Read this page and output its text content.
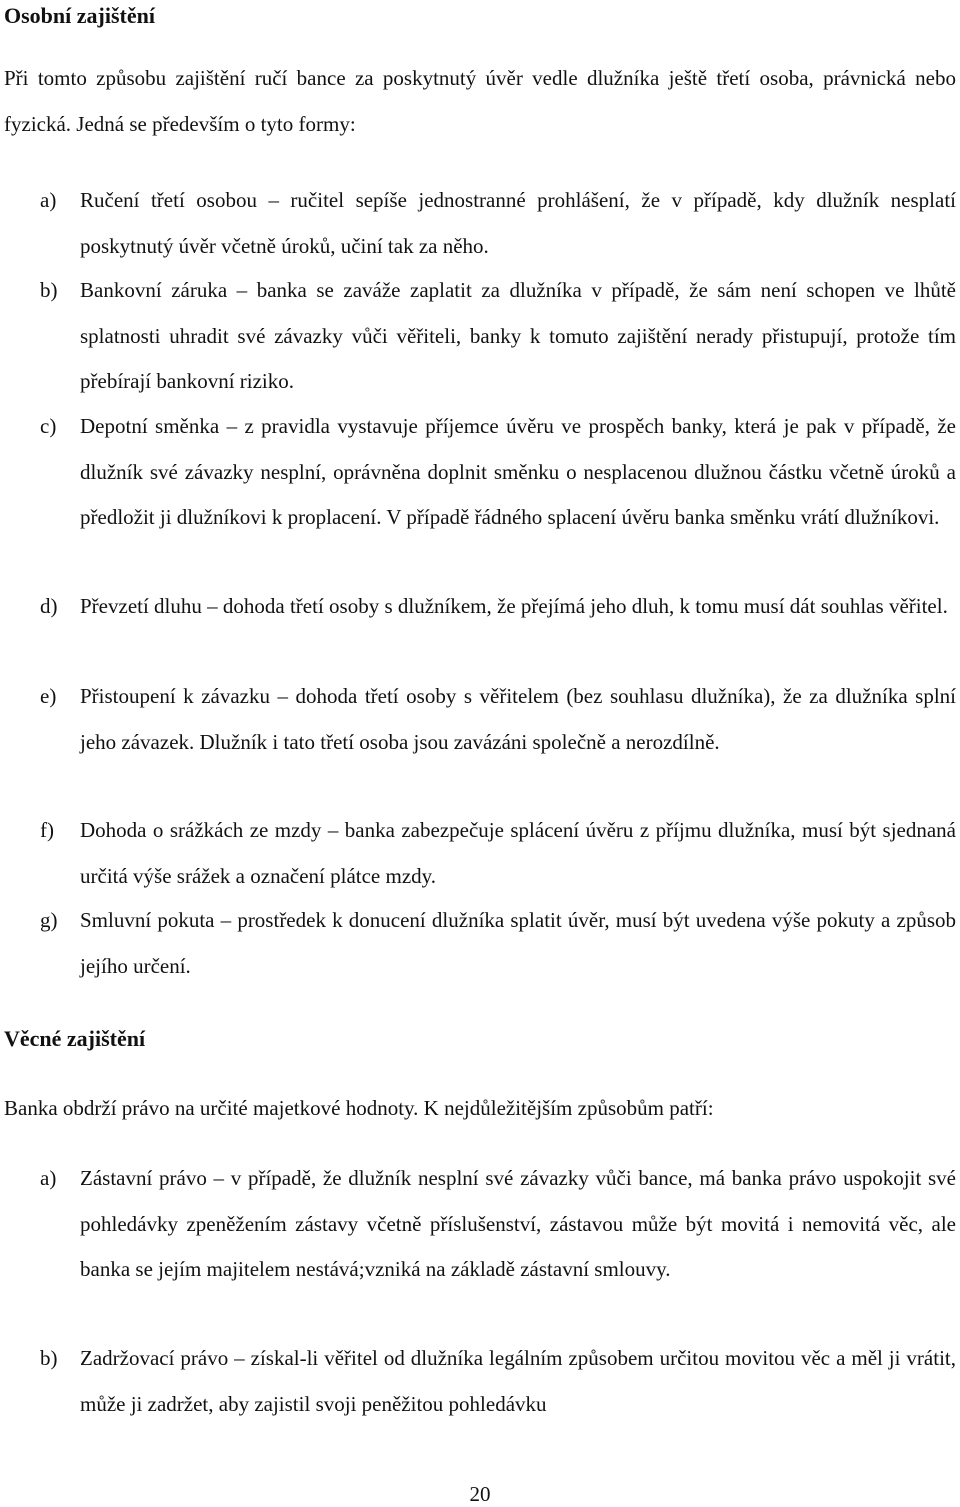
Osobní zajištění

Při tomto způsobu zajištění ručí bance za poskytnutý úvěr vedle dlužníka ještě třetí osoba, právnická nebo fyzická. Jedná se především o tyto formy:

a)	Ručení třetí osobou – ručitel sepíše jednostranné prohlášení, že v případě, kdy dlužník nesplatí poskytnutý úvěr včetně úroků, učiní tak za něho.
b)	Bankovní záruka – banka se zaváže zaplatit za dlužníka v případě, že sám není schopen ve lhůtě splatnosti uhradit své závazky vůči věřiteli, banky k tomuto zajištění nerady přistupují, protože tím přebírají bankovní riziko.
c)	Depotní směnka – z pravidla vystavuje příjemce úvěru ve prospěch banky, která je pak v případě, že dlužník své závazky nesplní, oprávněna doplnit směnku o nesplacenou dlužnou částku včetně úroků a předložit ji dlužníkovi k proplacení. V případě řádného splacení úvěru banka směnku vrátí dlužníkovi.
d)	Převzetí dluhu – dohoda třetí osoby s dlužníkem, že přejímá jeho dluh, k tomu musí dát souhlas věřitel.
e)	Přistoupení k závazku – dohoda třetí osoby s věřitelem (bez souhlasu dlužníka), že za dlužníka splní jeho závazek. Dlužník i tato třetí osoba jsou zavázáni společně a nerozdílně.
f)	Dohoda o srážkách ze mzdy – banka zabezpečuje splácení úvěru z příjmu dlužníka, musí být sjednaná určitá výše srážek a označení plátce mzdy.
g)	Smluvní pokuta – prostředek k donucení dlužníka splatit úvěr, musí být uvedena výše pokuty a způsob jejího určení.
Věcné zajištění

Banka obdrží právo na určité majetkové hodnoty. K nejdůležitějším způsobům patří:

a)	Zástavní právo – v případě, že dlužník nesplní své závazky vůči bance, má banka právo uspokojit své pohledávky zpeněžením zástavy včetně příslušenství, zástavou může být movitá i nemovitá věc, ale banka se jejím majitelem nestává;vzniká na základě zástavní smlouvy.
b)	Zadržovací právo – získal-li věřitel od dlužníka legálním způsobem určitou movitou věc a měl ji vrátit, může ji zadržet, aby zajistil svoji peněžitou pohledávku
20
